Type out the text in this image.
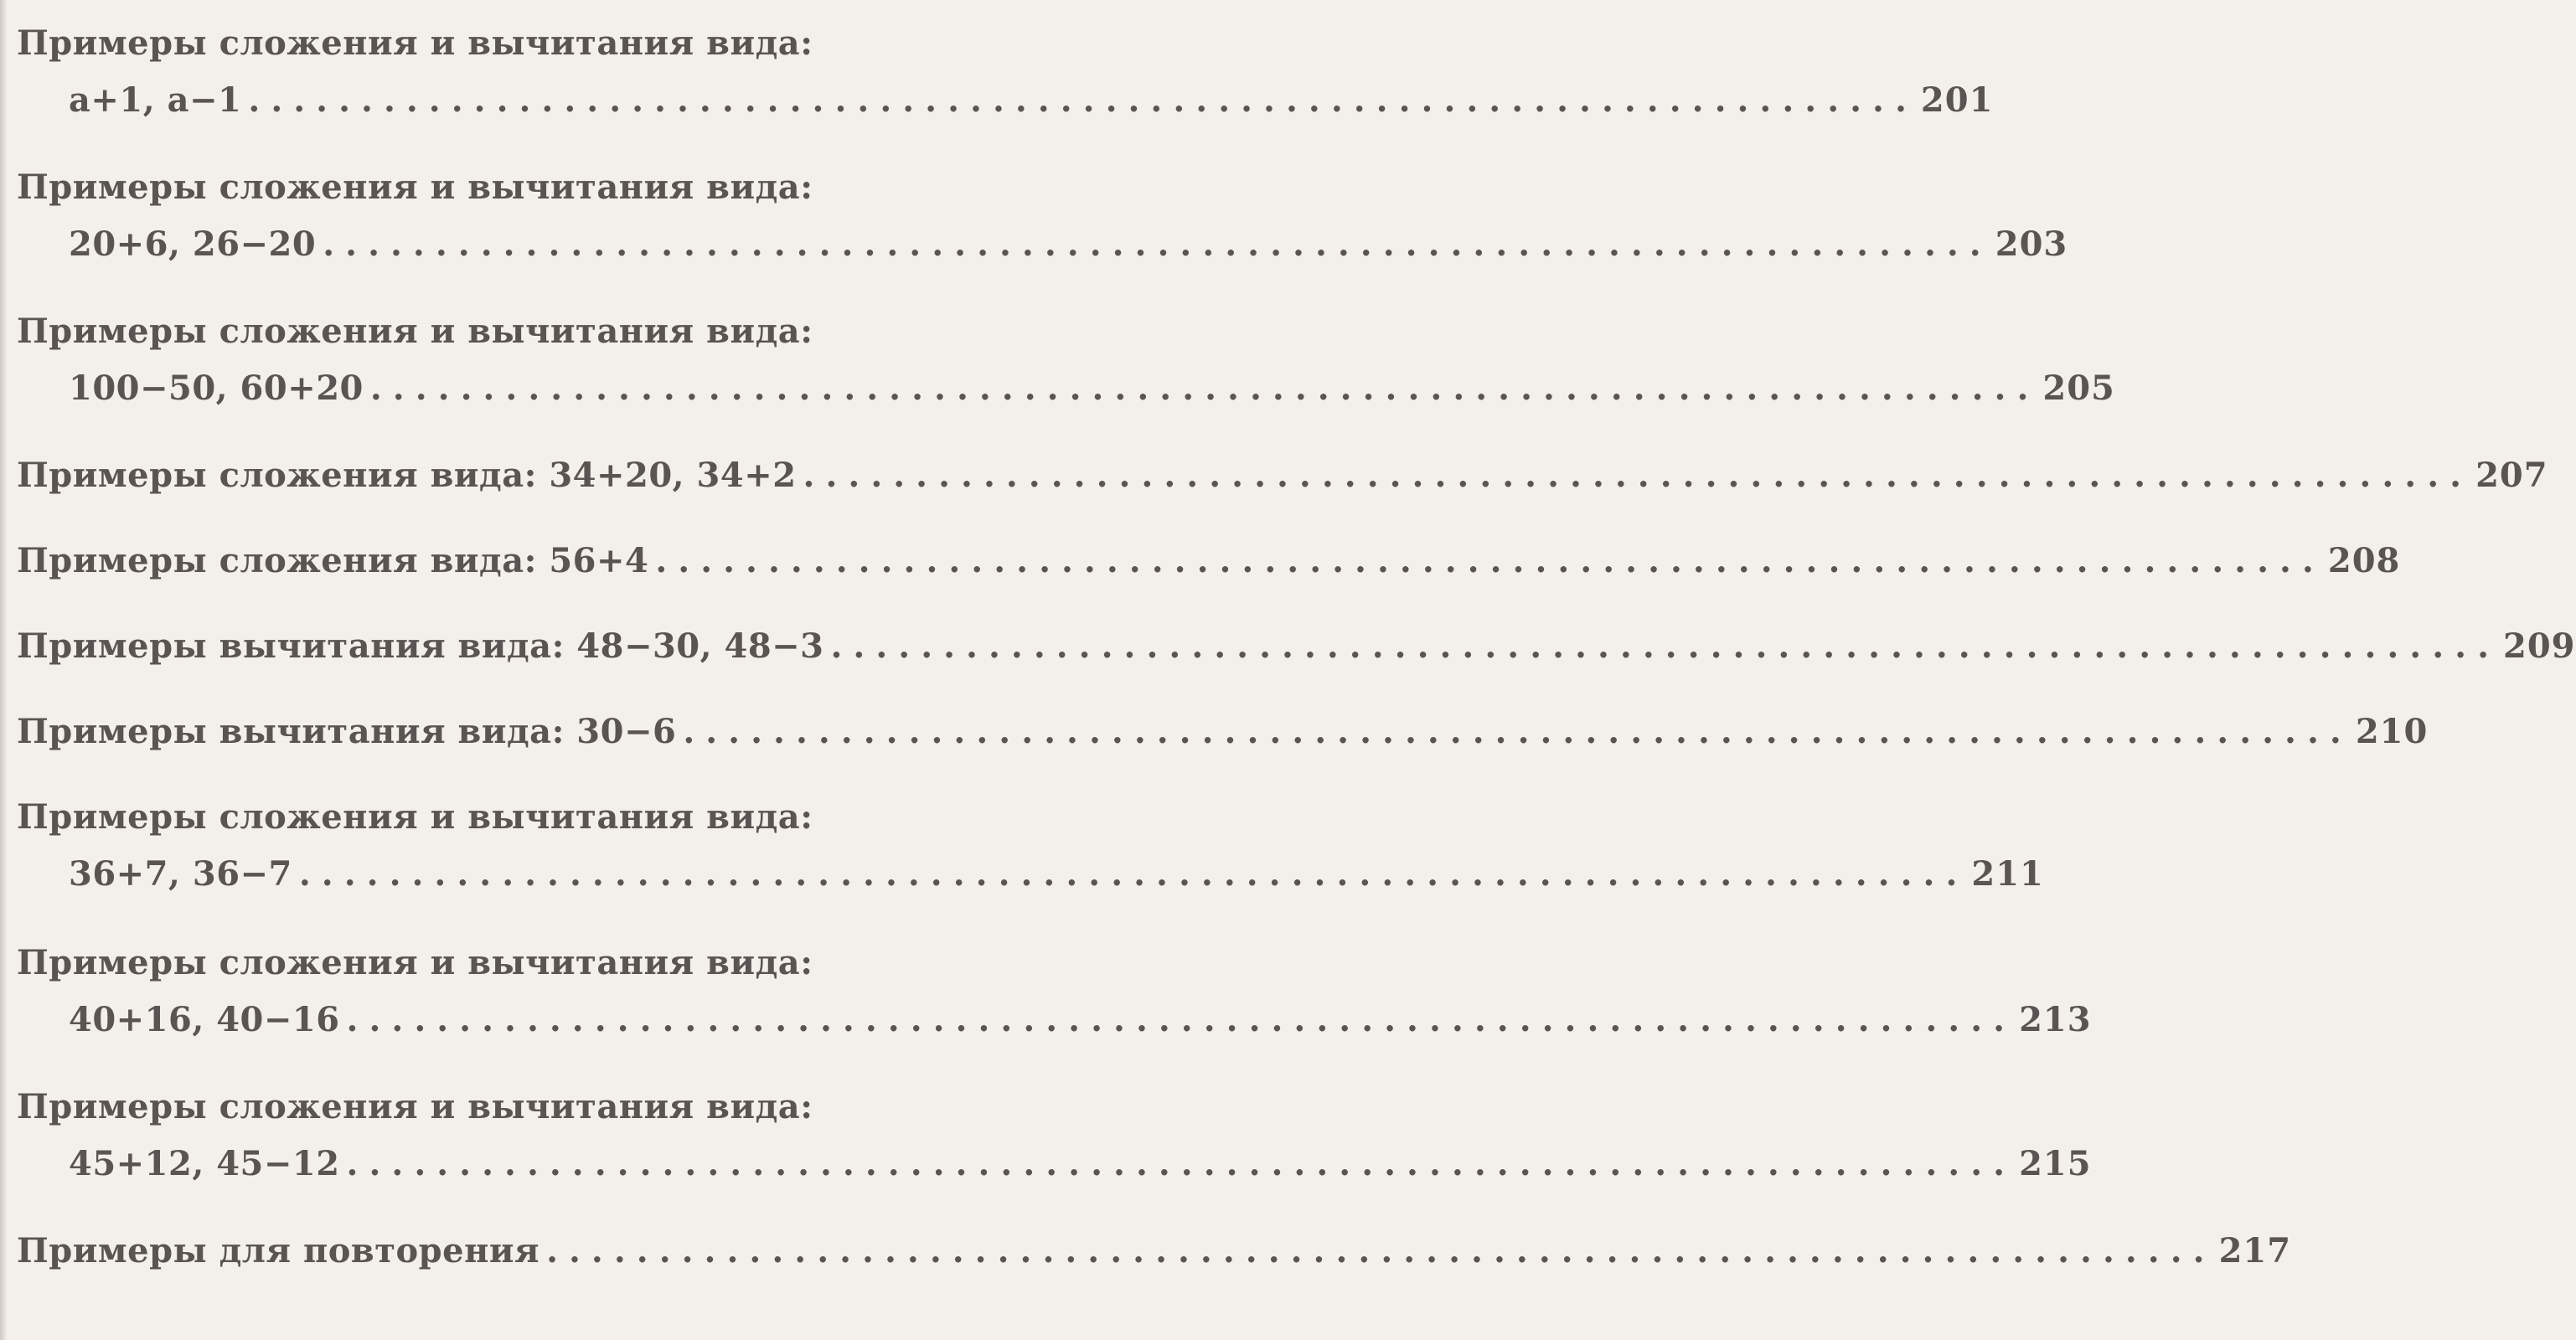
Примеры сложения и вычитания вида:
a+1, a−1 .......................................................................... 201
Примеры сложения и вычитания вида:
20+6, 26−20 .......................................................................... 203
Примеры сложения и вычитания вида:
100−50, 60+20 .......................................................................... 205
Примеры сложения вида: 34+20, 34+2 .......................................................................... 207
Примеры сложения вида: 56+4 .......................................................................... 208
Примеры вычитания вида: 48−30, 48−3 .......................................................................... 209
Примеры вычитания вида: 30−6 .......................................................................... 210
Примеры сложения и вычитания вида:
36+7, 36−7 .......................................................................... 211
Примеры сложения и вычитания вида:
40+16, 40−16 .......................................................................... 213
Примеры сложения и вычитания вида:
45+12, 45−12 .......................................................................... 215
Примеры для повторения .......................................................................... 217
